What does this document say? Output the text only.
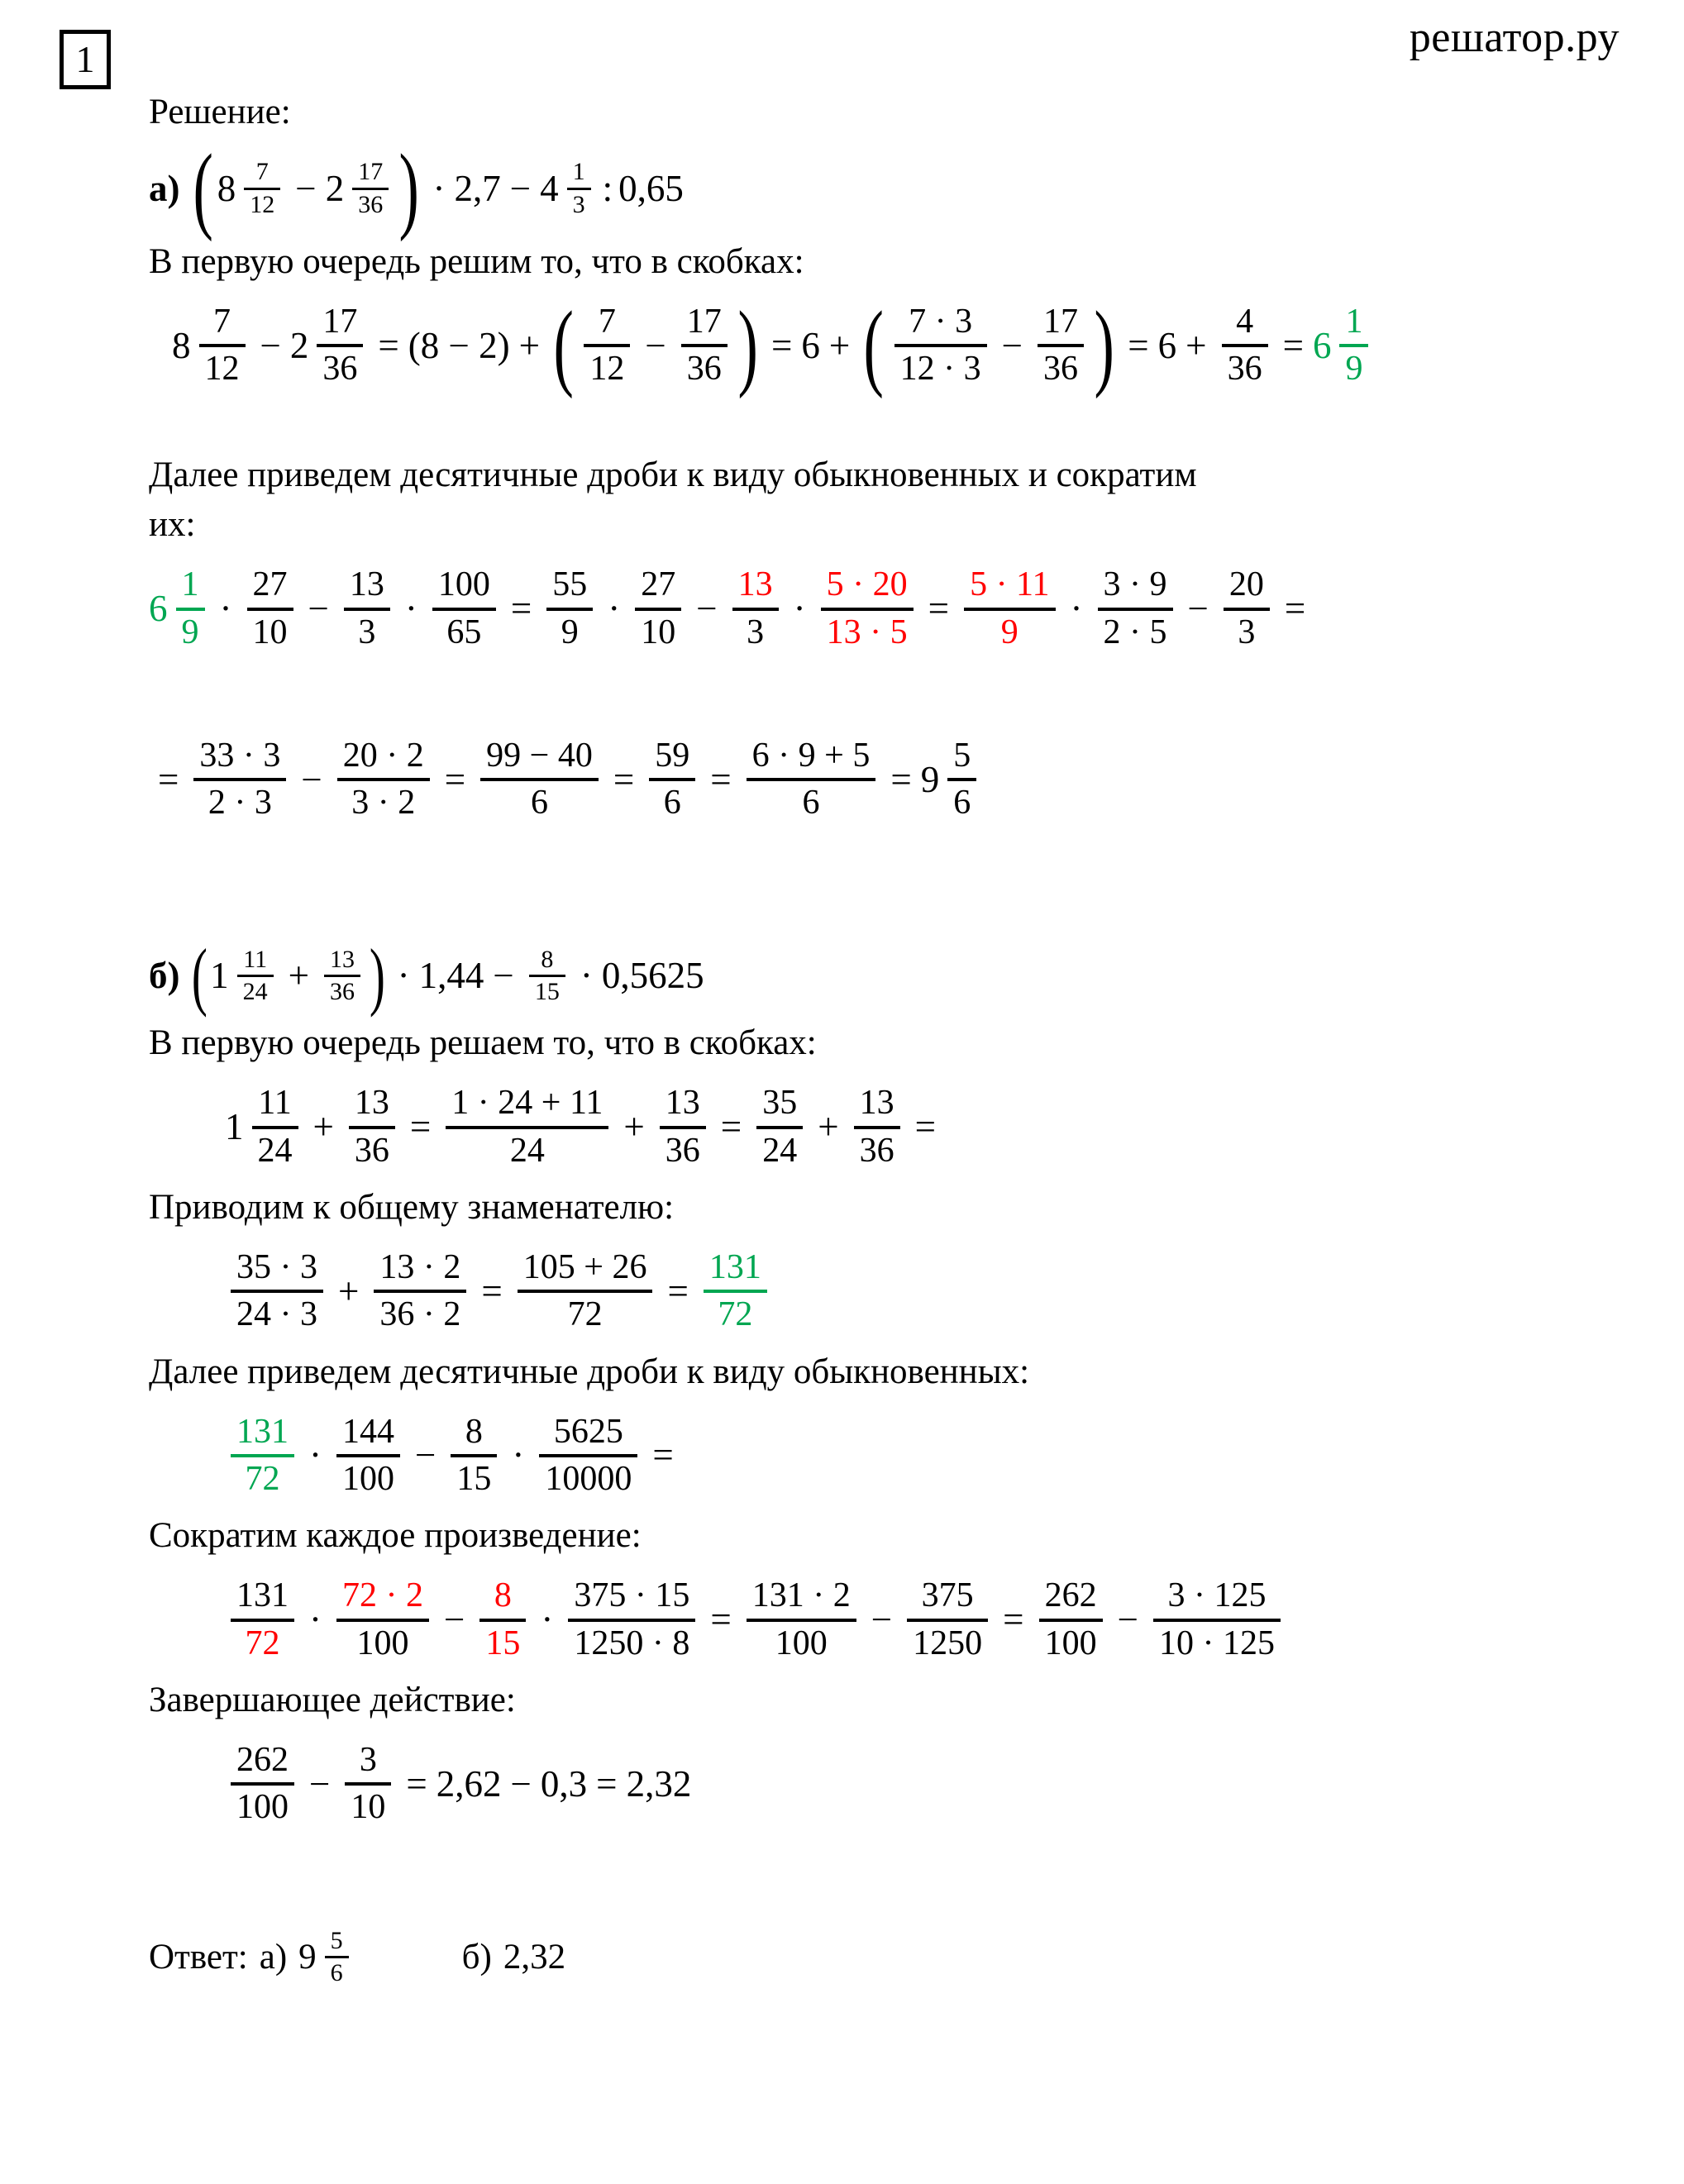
решатор.ру
1

Решение:

а) ( $8 \frac{7}{12} - 2 \frac{17}{36}$ ) · $2,7 - 4 \frac{1}{3}$ : 0,65

В первую очередь решим то, что в скобках:

$8 \frac{7}{12} - 2 \frac{17}{36} = (8 - 2)$ + ( $\frac{7}{12} - \frac{17}{36}$ ) = 6 + ( $\frac{7 \cdot 3}{12 \cdot 3} - \frac{17}{36}$ ) = $6 + \frac{4}{36} = 6 \frac{1}{9}$

Далее приведем десятичные дроби к виду обыкновенных и сократим

их:

$6 \frac{1}{9} \cdot \frac{27}{10} - \frac{13}{3} \cdot \frac{100}{65} = \frac{55}{9} \cdot \frac{27}{10} - \frac{13}{3} \cdot \frac{5 \cdot 20}{13 \cdot 5} = \frac{5 \cdot 11}{9} \cdot \frac{3 \cdot 9}{2 \cdot 5} - \frac{20}{3}$ =
= $\frac{33 \cdot 3}{2 \cdot 3} - \frac{20 \cdot 2}{3 \cdot 2} = \frac{99 - 40}{6} = \frac{59}{6} = \frac{6 \cdot 9 + 5}{6} = 9 \frac{5}{6}$
б) ( $1 \frac{11}{24} + \frac{13}{36}$ ) · $1,44 - \frac{8}{15} \cdot 0,5625$

В первую очередь решаем то, что в скобках:

$1 \frac{11}{24} + \frac{13}{36} = \frac{1 \cdot 24 + 11}{24} + \frac{13}{36} = \frac{35}{24} + \frac{13}{36}$ =

Приводим к общему знаменателю:

$\frac{35 \cdot 3}{24 \cdot 3} + \frac{13 \cdot 2}{36 \cdot 2} = \frac{105 + 26}{72} = \frac{131}{72}$

Далее приведем десятичные дроби к виду обыкновенных:

$\frac{131}{72} \cdot \frac{144}{100} - \frac{8}{15} \cdot \frac{5625}{10000}$ =

Сократим каждое произведение:

$\frac{131}{72} \cdot \frac{72 \cdot 2}{100} - \frac{8}{15} \cdot \frac{375 \cdot 15}{1250 \cdot 8} = \frac{131 \cdot 2}{100} - \frac{375}{1250} = \frac{262}{100} - \frac{3 \cdot 125}{10 \cdot 125}$

Завершающее действие:

$\frac{262}{100} - \frac{3}{10} = 2,62 - 0,3 = 2,32$
Ответ: а) $9 \frac{5}{6}$	б) 2,32
